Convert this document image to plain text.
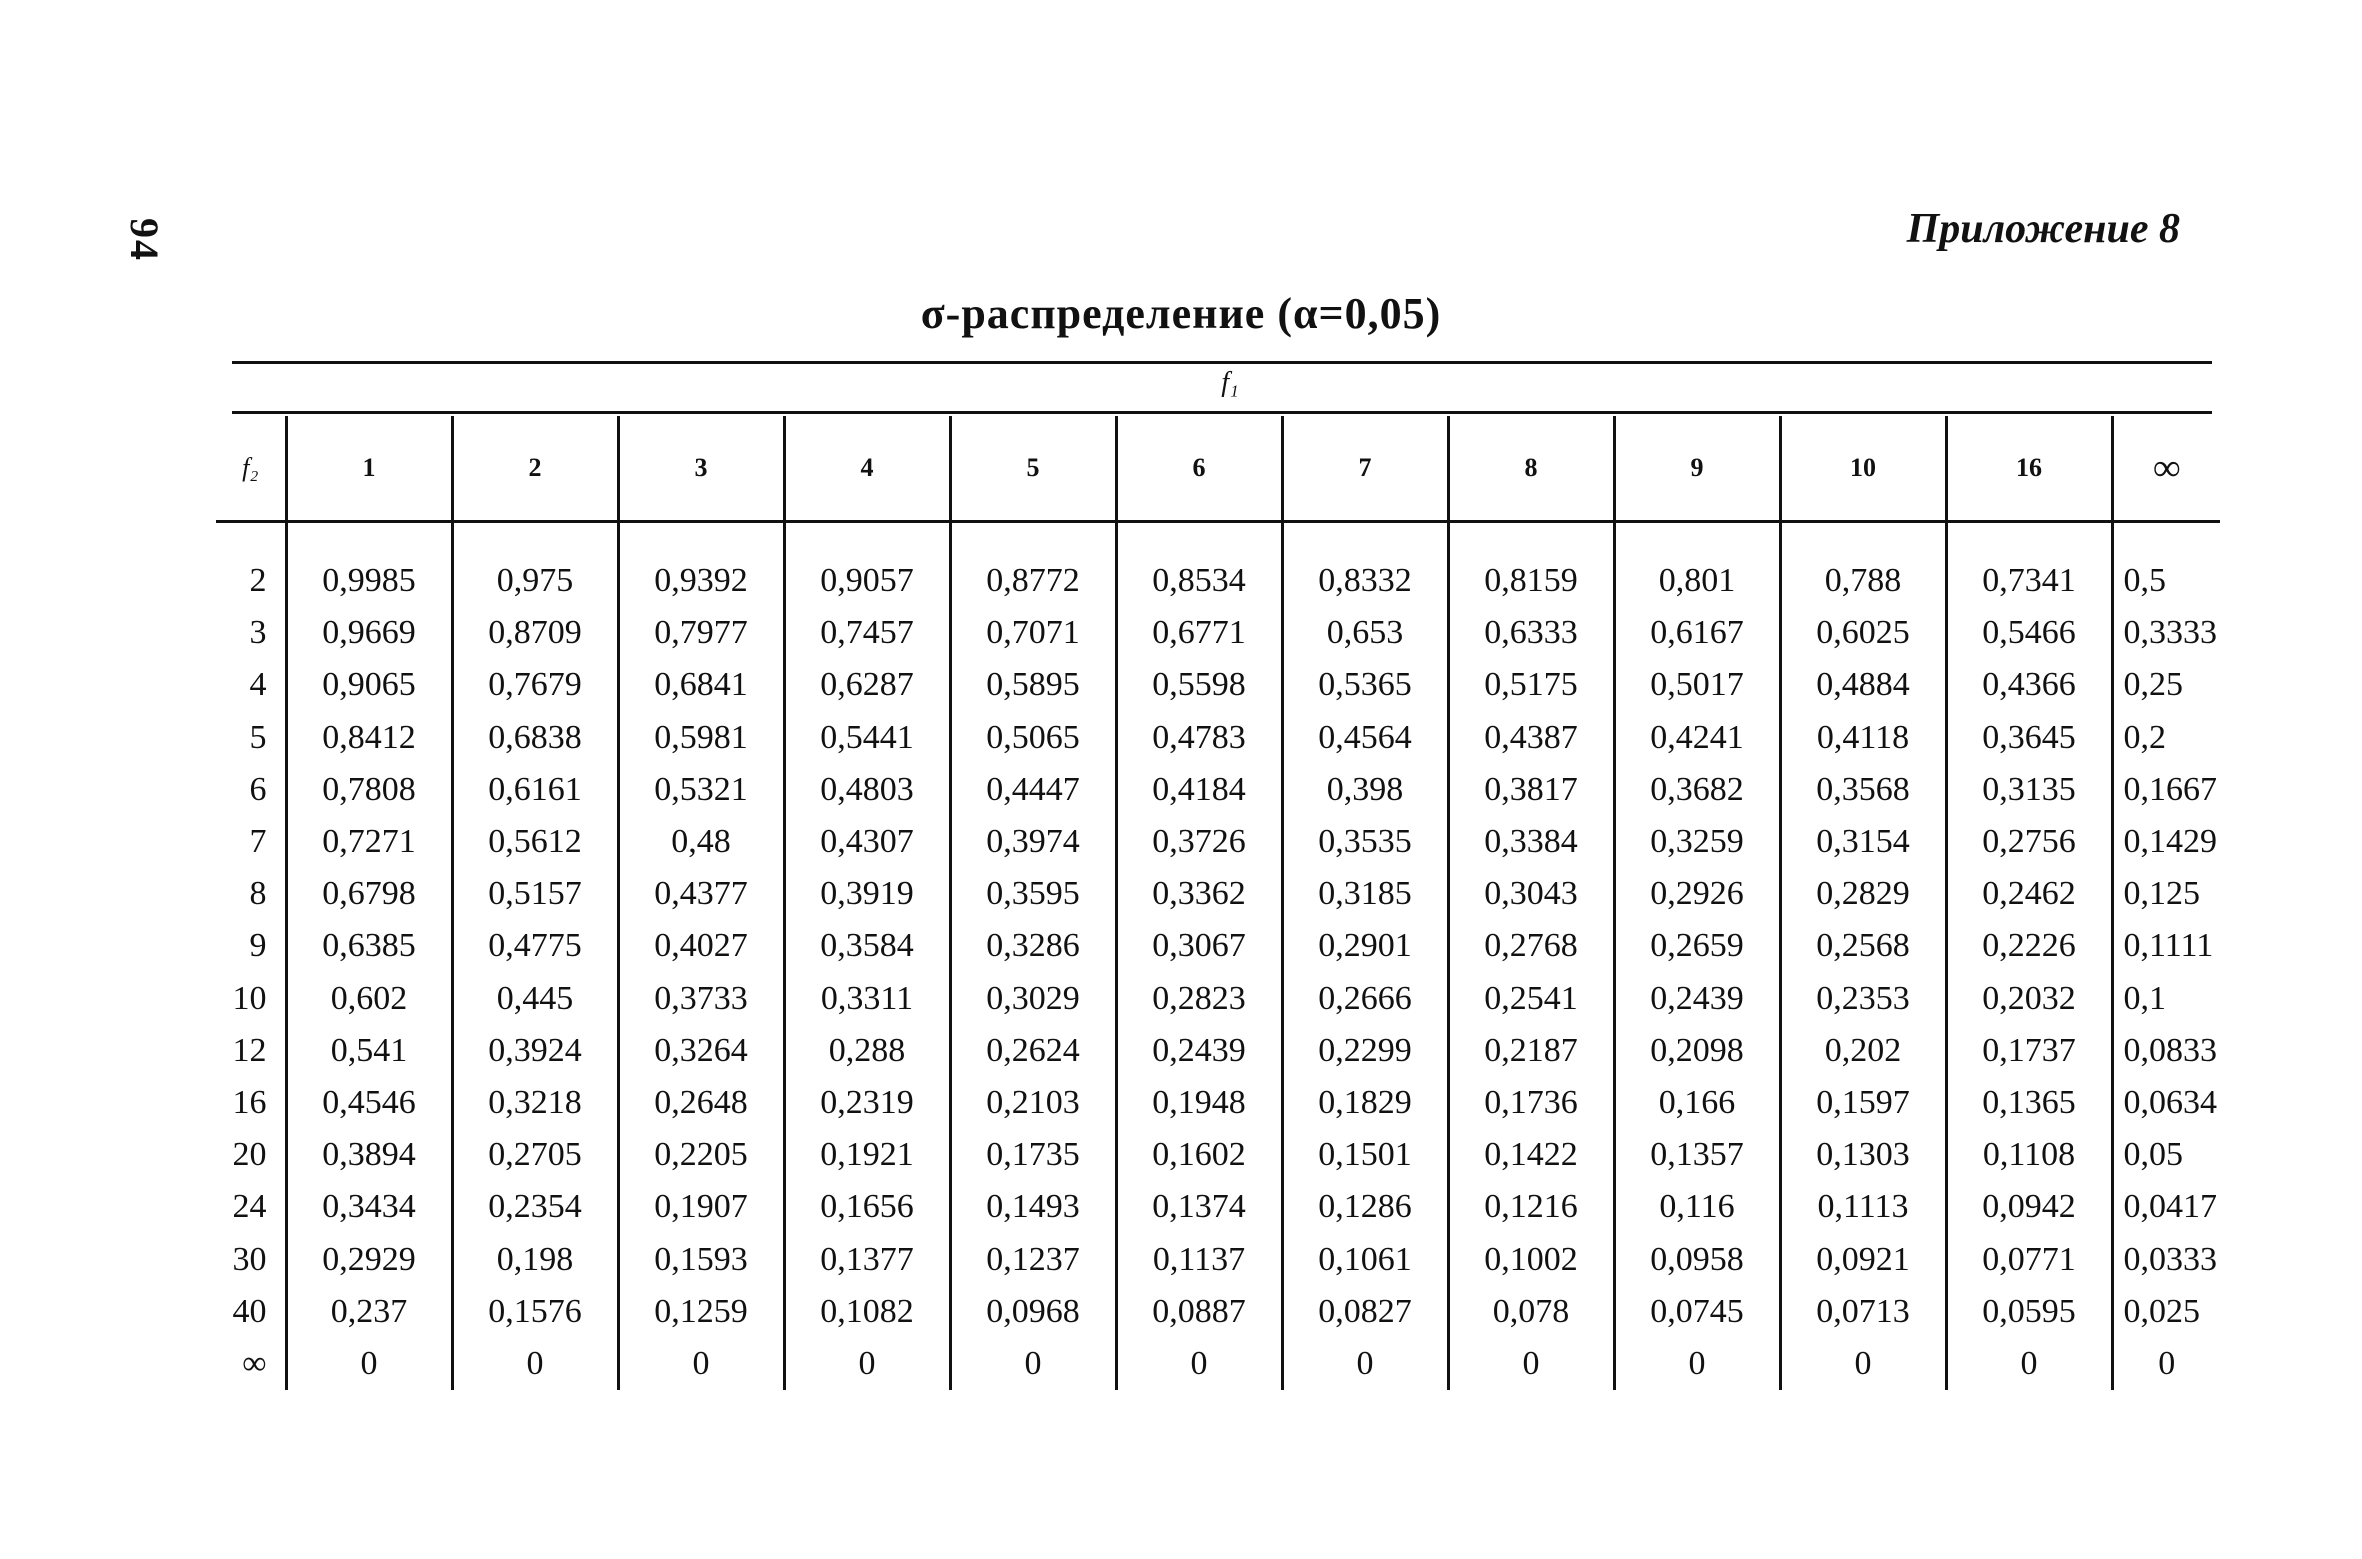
94	Приложение 8
σ-распределение (α=0,05)
f₁
f₂	1	2	3	4	5	6	7	8	9	10	16	∞
2	0,9985	0,975	0,9392	0,9057	0,8772	0,8534	0,8332	0,8159	0,801	0,788	0,7341	0,5
3	0,9669	0,8709	0,7977	0,7457	0,7071	0,6771	0,653	0,6333	0,6167	0,6025	0,5466	0,3333
4	0,9065	0,7679	0,6841	0,6287	0,5895	0,5598	0,5365	0,5175	0,5017	0,4884	0,4366	0,25
5	0,8412	0,6838	0,5981	0,5441	0,5065	0,4783	0,4564	0,4387	0,4241	0,4118	0,3645	0,2
6	0,7808	0,6161	0,5321	0,4803	0,4447	0,4184	0,398	0,3817	0,3682	0,3568	0,3135	0,1667
7	0,7271	0,5612	0,48	0,4307	0,3974	0,3726	0,3535	0,3384	0,3259	0,3154	0,2756	0,1429
8	0,6798	0,5157	0,4377	0,3919	0,3595	0,3362	0,3185	0,3043	0,2926	0,2829	0,2462	0,125
9	0,6385	0,4775	0,4027	0,3584	0,3286	0,3067	0,2901	0,2768	0,2659	0,2568	0,2226	0,1111
10	0,602	0,445	0,3733	0,3311	0,3029	0,2823	0,2666	0,2541	0,2439	0,2353	0,2032	0,1
12	0,541	0,3924	0,3264	0,288	0,2624	0,2439	0,2299	0,2187	0,2098	0,202	0,1737	0,0833
16	0,4546	0,3218	0,2648	0,2319	0,2103	0,1948	0,1829	0,1736	0,166	0,1597	0,1365	0,0634
20	0,3894	0,2705	0,2205	0,1921	0,1735	0,1602	0,1501	0,1422	0,1357	0,1303	0,1108	0,05
24	0,3434	0,2354	0,1907	0,1656	0,1493	0,1374	0,1286	0,1216	0,116	0,1113	0,0942	0,0417
30	0,2929	0,198	0,1593	0,1377	0,1237	0,1137	0,1061	0,1002	0,0958	0,0921	0,0771	0,0333
40	0,237	0,1576	0,1259	0,1082	0,0968	0,0887	0,0827	0,078	0,0745	0,0713	0,0595	0,025
∞	0	0	0	0	0	0	0	0	0	0	0	0
